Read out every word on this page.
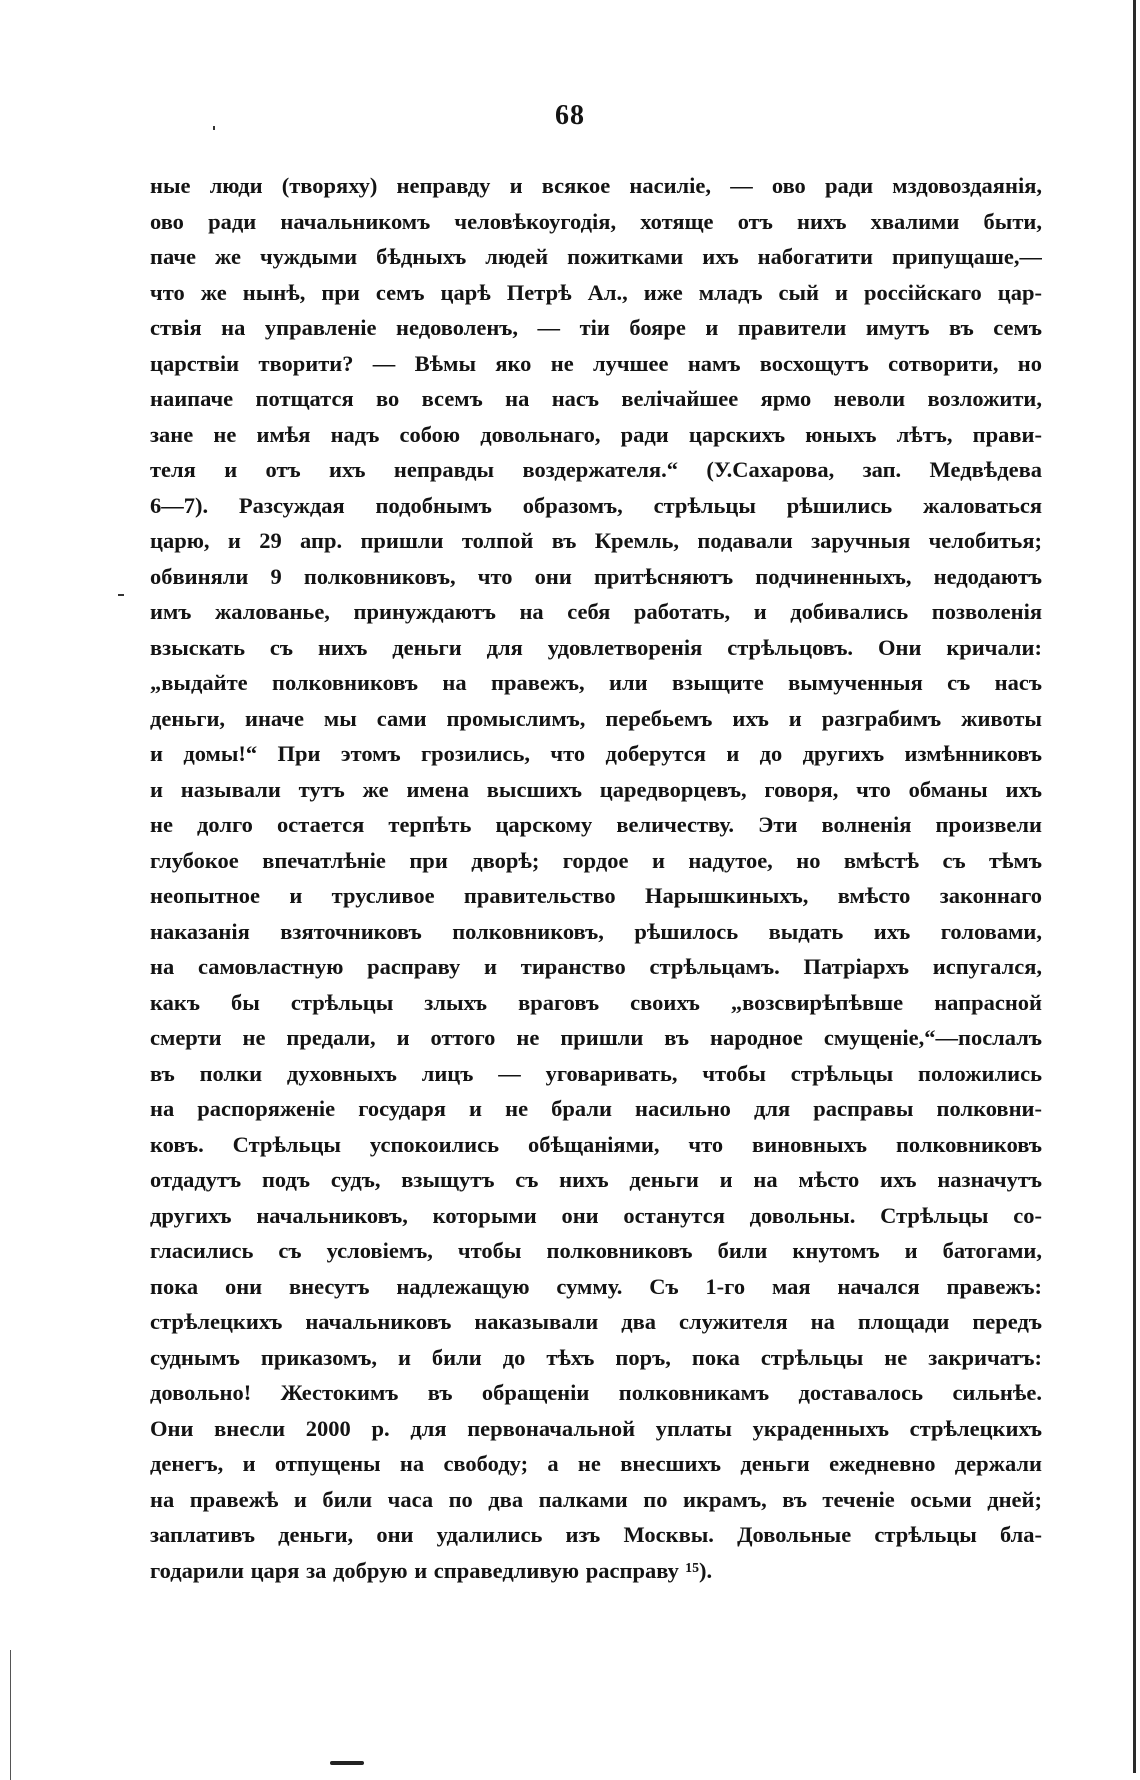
68
ные люди (творяху) неправду и всякое насиліе, — ово ради мздовоздаянія,
ово ради начальникомъ человѣкоугодія, хотяще отъ нихъ хвалими быти,
паче же чуждыми бѣдныхъ людей пожитками ихъ набогатити припущаше,—
что же нынѣ, при семъ царѣ Петрѣ Ал., иже младъ сый и россійскаго цар-
ствія на управленіе недоволенъ, — тіи бояре и правители имутъ въ семъ
царствіи творити? — Вѣмы яко не лучшее намъ восхощутъ сотворити, но
наипаче потщатся во всемъ на насъ велічайшее ярмо неволи возложити,
зане не имѣя надъ собою довольнаго, ради царскихъ юныхъ лѣтъ, прави-
теля и отъ ихъ неправды воздержателя.“ (У.Сахарова, зап. Медвѣдева
6—7). Разсуждая подобнымъ образомъ, стрѣльцы рѣшились жаловаться
царю, и 29 апр. пришли толпой въ Кремль, подавали заручныя челобитья;
обвиняли 9 полковниковъ, что они притѣсняютъ подчиненныхъ, недодаютъ
имъ жалованье, принуждаютъ на себя работать, и добивались позволенія
взыскать съ нихъ деньги для удовлетворенія стрѣльцовъ. Они кричали:
„выдайте полковниковъ на правежъ, или взыщите вымученныя съ насъ
деньги, иначе мы сами промыслимъ, перебьемъ ихъ и разграбимъ животы
и домы!“ При этомъ грозились, что доберутся и до другихъ измѣнниковъ
и называли тутъ же имена высшихъ царедворцевъ, говоря, что обманы ихъ
не долго остается терпѣть царскому величеству. Эти волненія произвели
глубокое впечатлѣніе при дворѣ; гордое и надутое, но вмѣстѣ съ тѣмъ
неопытное и трусливое правительство Нарышкиныхъ, вмѣсто законнаго
наказанія взяточниковъ полковниковъ, рѣшилось выдать ихъ головами,
на самовластную расправу и тиранство стрѣльцамъ. Патріархъ испугался,
какъ бы стрѣльцы злыхъ враговъ своихъ „возсвирѣпѣвше напрасной
смерти не предали, и оттого не пришли въ народное смущеніе,“—послалъ
въ полки духовныхъ лицъ — уговаривать, чтобы стрѣльцы положились
на распоряженіе государя и не брали насильно для расправы полковни-
ковъ. Стрѣльцы успокоились обѣщаніями, что виновныхъ полковниковъ
отдадутъ подъ судъ, взыщутъ съ нихъ деньги и на мѣсто ихъ назначутъ
другихъ начальниковъ, которыми они останутся довольны. Стрѣльцы со-
гласились съ условіемъ, чтобы полковниковъ били кнутомъ и батогами,
пока они внесутъ надлежащую сумму. Съ 1-го мая начался правежъ:
стрѣлецкихъ начальниковъ наказывали два служителя на площади передъ
суднымъ приказомъ, и били до тѣхъ поръ, пока стрѣльцы не закричатъ:
довольно! Жестокимъ въ обращеніи полковникамъ доставалось сильнѣе.
Они внесли 2000 р. для первоначальной уплаты украденныхъ стрѣлецкихъ
денегъ, и отпущены на свободу; а не внесшихъ деньги ежедневно держали
на правежѣ и били часа по два палками по икрамъ, въ теченіе осьми дней;
заплативъ деньги, они удалились изъ Москвы. Довольные стрѣльцы бла-
годарили царя за добрую и справедливую расправу ¹⁵).
